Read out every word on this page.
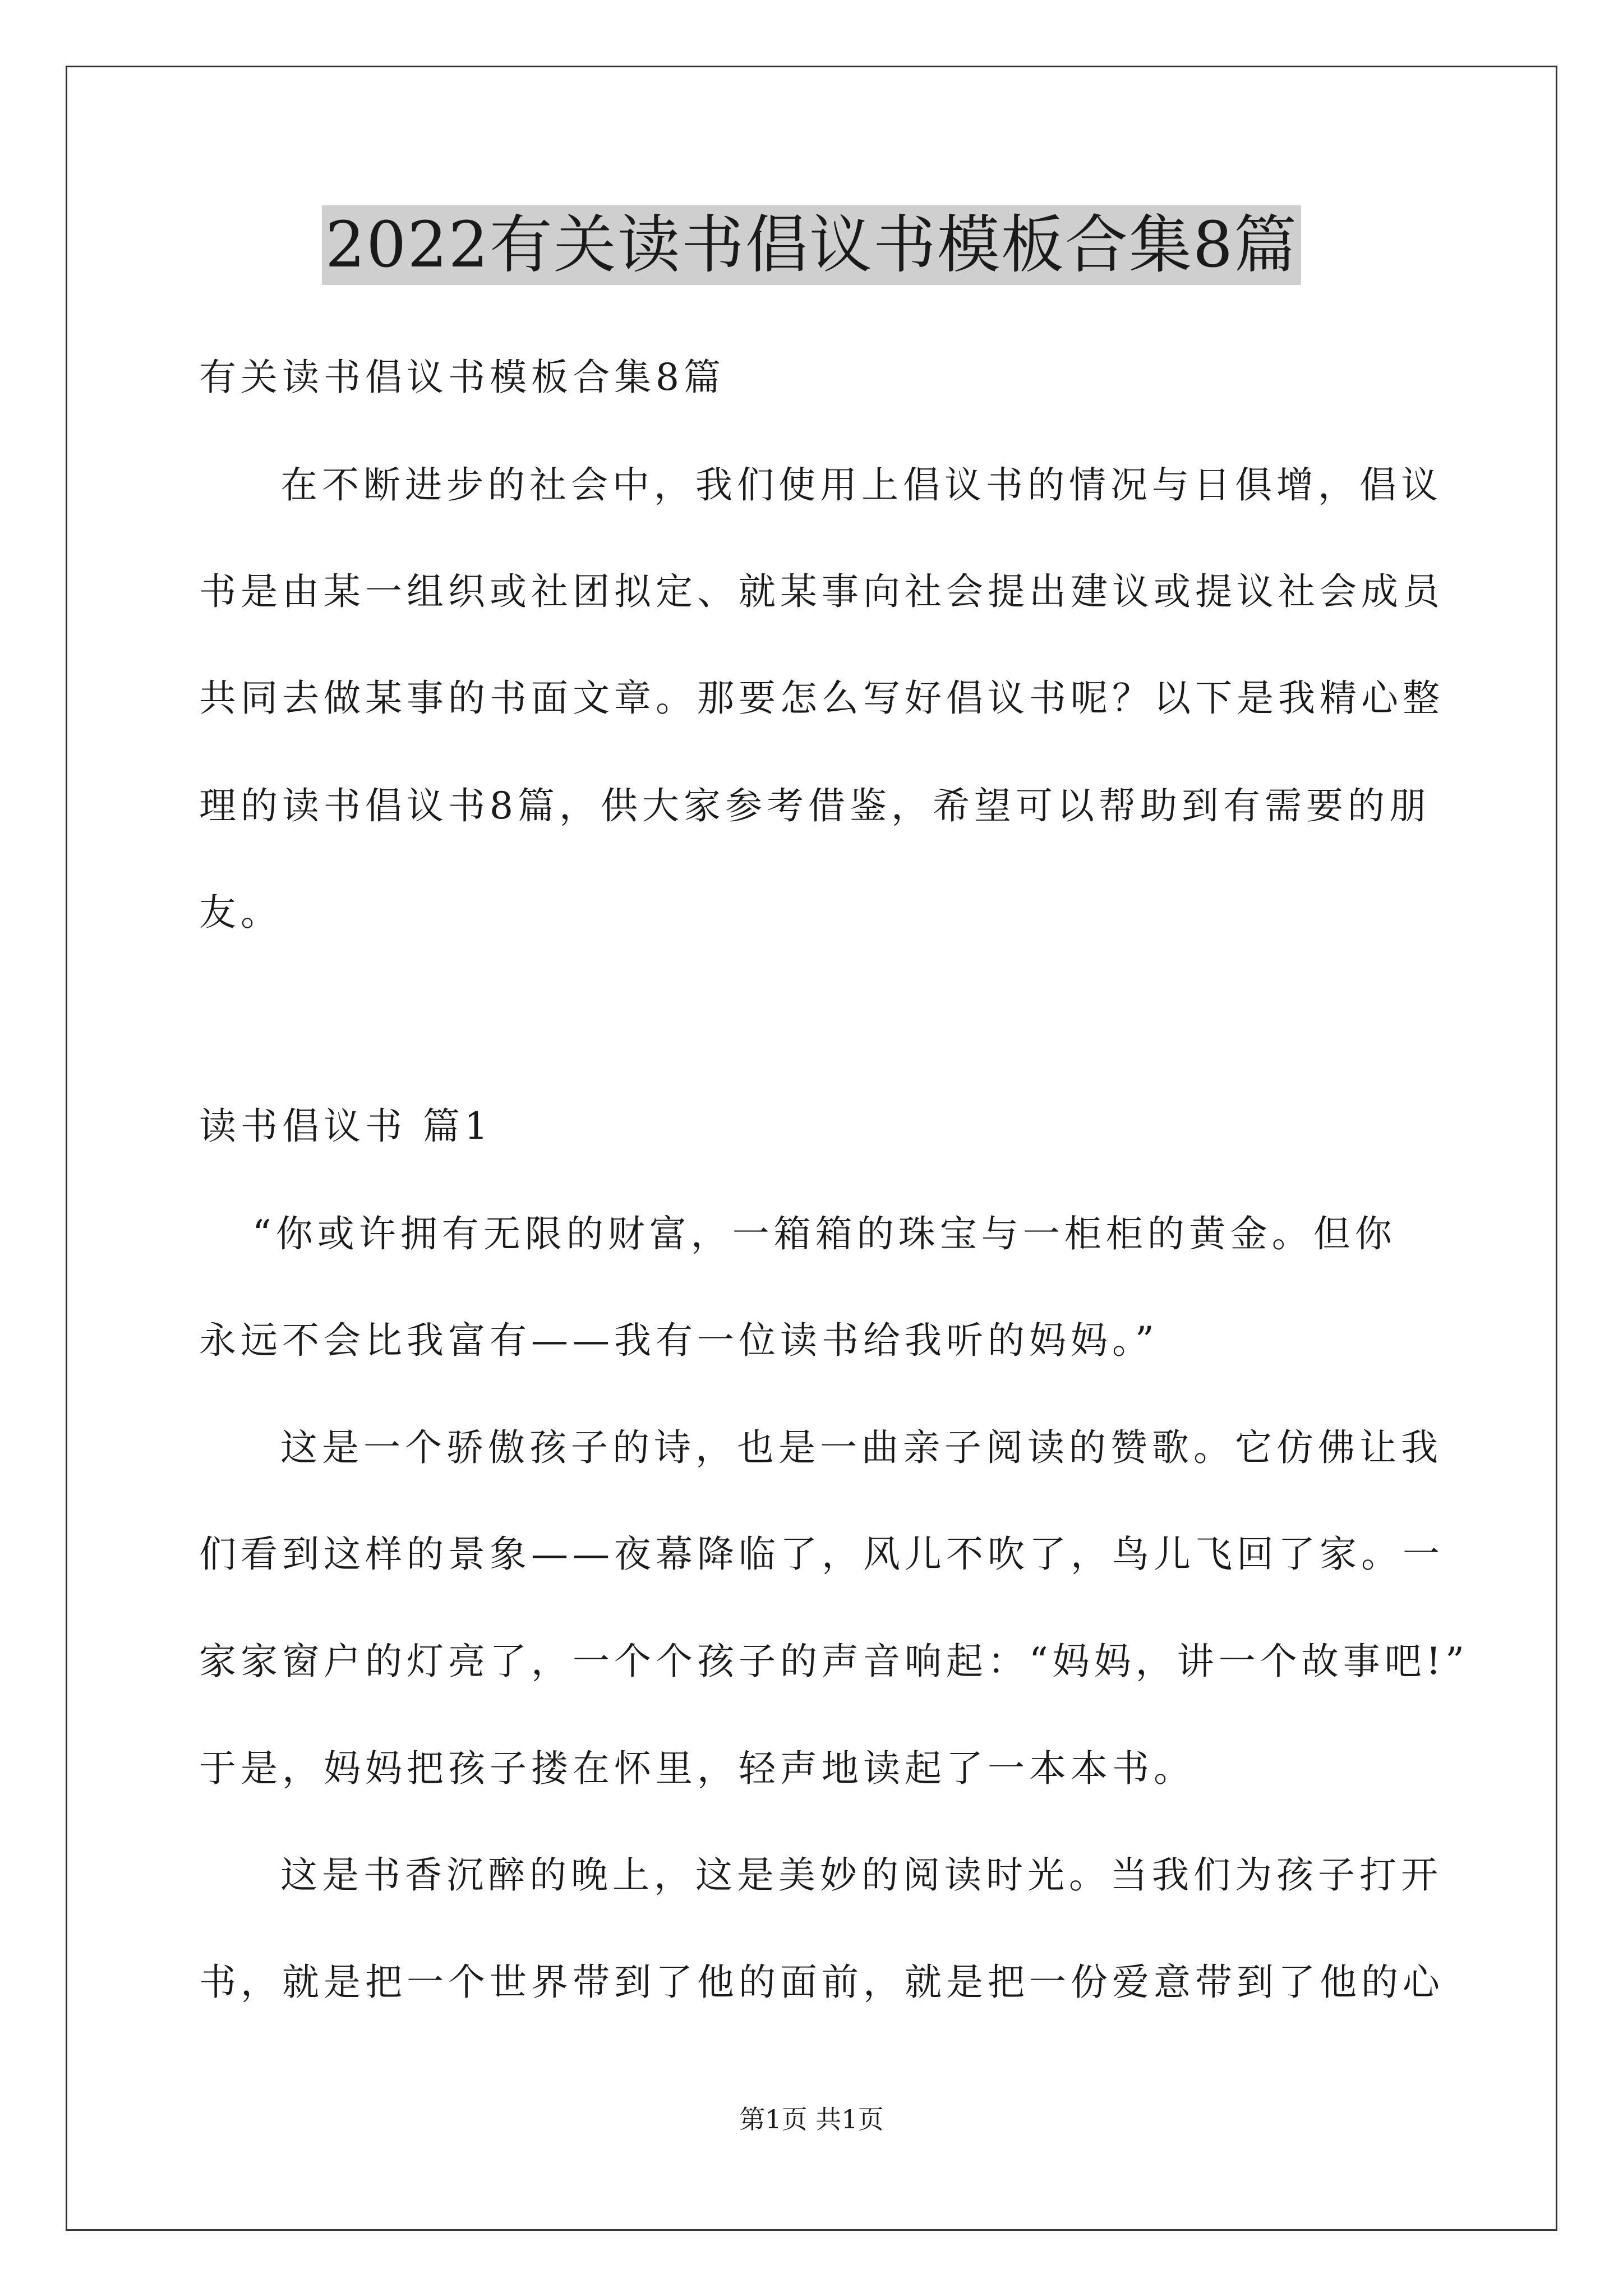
2022有关读书倡议书模板合集8篇
有关读书倡议书模板合集8篇
在不断进步的社会中，我们使用上倡议书的情况与日俱增，倡议
书是由某一组织或社团拟定、就某事向社会提出建议或提议社会成员
共同去做某事的书面文章。那要怎么写好倡议书呢？以下是我精心整
理的读书倡议书8篇，供大家参考借鉴，希望可以帮助到有需要的朋
友。
读书倡议书 篇1
“你或许拥有无限的财富，一箱箱的珠宝与一柜柜的黄金。但你
永远不会比我富有——我有一位读书给我听的妈妈。”
这是一个骄傲孩子的诗，也是一曲亲子阅读的赞歌。它仿佛让我
们看到这样的景象——夜幕降临了，风儿不吹了，鸟儿飞回了家。一
家家窗户的灯亮了，一个个孩子的声音响起：“妈妈，讲一个故事吧!”
于是，妈妈把孩子搂在怀里，轻声地读起了一本本书。
这是书香沉醉的晚上，这是美妙的阅读时光。当我们为孩子打开
书，就是把一个世界带到了他的面前，就是把一份爱意带到了他的心
第1页 共1页
